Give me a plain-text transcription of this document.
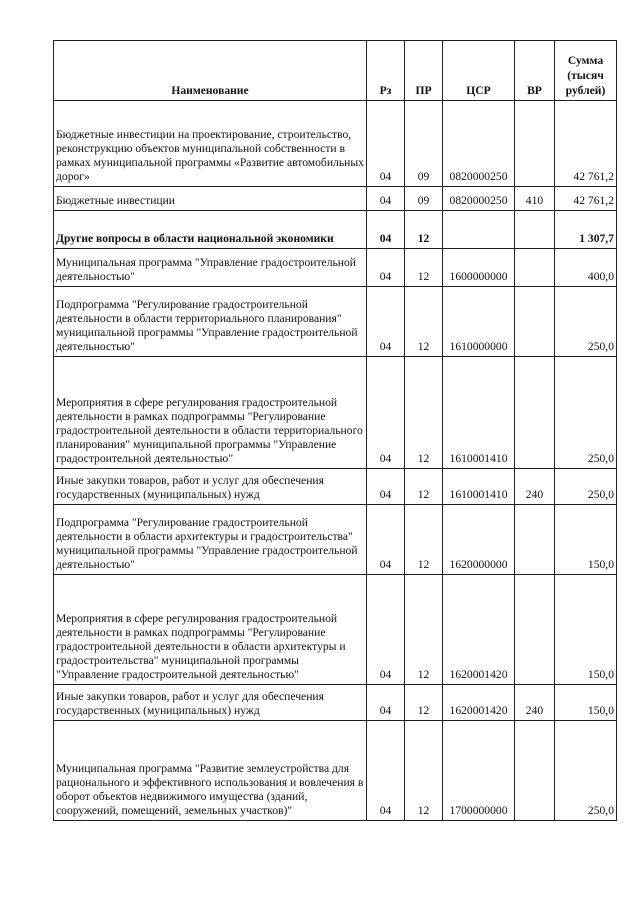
Наименование	Рз	ПР	ЦСР	ВР	Сумма (тысяч рублей)
Бюджетные инвестиции на проектирование, строительство, реконструкцию объектов муниципальной собственности в рамках муниципальной программы «Развитие автомобильных дорог»	04	09	0820000250		42 761,2
Бюджетные инвестиции	04	09	0820000250	410	42 761,2
Другие вопросы в области национальной экономики	04	12			1 307,7
Муниципальная программа "Управление градостроительной деятельностью"	04	12	1600000000		400,0
Подпрограмма "Регулирование градостроительной деятельности в области территориального планирования" муниципальной программы "Управление градостроительной деятельностью"	04	12	1610000000		250,0
Мероприятия в сфере регулирования градостроительной деятельности в рамках подпрограммы "Регулирование градостроительной деятельности в области территориального планирования" муниципальной программы "Управление градостроительной деятельностью"	04	12	1610001410		250,0
Иные закупки товаров, работ и услуг для обеспечения государственных (муниципальных) нужд	04	12	1610001410	240	250,0
Подпрограмма "Регулирование градостроительной деятельности в области архитектуры и градостроительства" муниципальной программы "Управление градостроительной деятельностью"	04	12	1620000000		150,0
Мероприятия в сфере регулирования градостроительной деятельности в рамках подпрограммы "Регулирование градостроительной деятельности в области архитектуры и градостроительства" муниципальной программы "Управление градостроительной деятельностью"	04	12	1620001420		150,0
Иные закупки товаров, работ и услуг для обеспечения государственных (муниципальных) нужд	04	12	1620001420	240	150,0
Муниципальная программа "Развитие землеустройства для рационального и эффективного использования и вовлечения в оборот объектов недвижимого имущества (зданий, сооружений, помещений, земельных участков)"	04	12	1700000000		250,0
